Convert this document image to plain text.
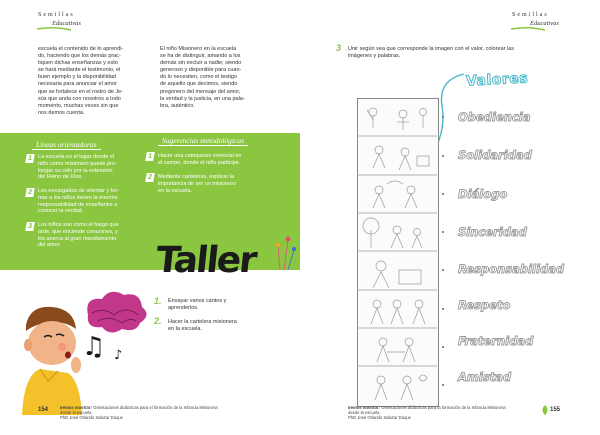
Semillas
Educativas
escuela el contenido de lo aprendi-
do, haciendo que los demás prac-
tiquen dichas enseñanzas y esto
se hará mediante el testimonio, el
buen ejemplo y la disponibilidad
necesaria para anunciar el amor
que se fortalece en el rostro de Je-
sús que anda con nosotros a todo
momento, muchas veces sin que
nos demos cuenta.
El niño Misionero en la escuela
se ha de distinguir, amando a los
demás sin excluir a nadie; siendo
generoso y disponible para cuan-
do lo necesiten, como el testigo
de aquello que decimos, siendo
pregonero del mensaje del amor,
la verdad y la justicia, en una pala-
bra, auténtico.
Líneas orientadoras
1 La escuela es el lugar donde el
niño como misionero puede pro-
longar su celo por la extensión
del Reino de Dios.
2 Los encargados de orientar y for-
mar a los niños tienen la enorme
responsabilidad de enseñarles a
conocer la verdad.
3 Los niños son como el fuego que
arde, que enciende corazones, y
los acerca al gran mandamiento
del amor.
Sugerencias metodológicas
1 Hacer una catequesis vivencial en
el campo, donde el niño participe.
2 Mediante carteleras, explicar la
importancia de ser un misionero
en la escuela.
Taller
♫ ♪
1. Ensayar varios cantos y
aprenderlos.
2. Hacer la cartelera misionera
en la escuela.
154	Iremos mostrar: Orientaciones didácticas para el formación de la Infancia Misionera
desde la escuela
PhD José Orlando Salazar Duque
Semillas
Educativas
3 Unir según vea que corresponde la imagen con el valor, colorear las
imágenes y palabras.
Valores
Obediencia
Solidaridad
Diálogo
Sinceridad
Responsabilidad
Respeto
Fraternidad
Amistad
Iremos mostrar: Orientaciones didácticas para la formación de la Infancia Misionera
desde la escuela
PhD José Orlando Salazar Duque
155
